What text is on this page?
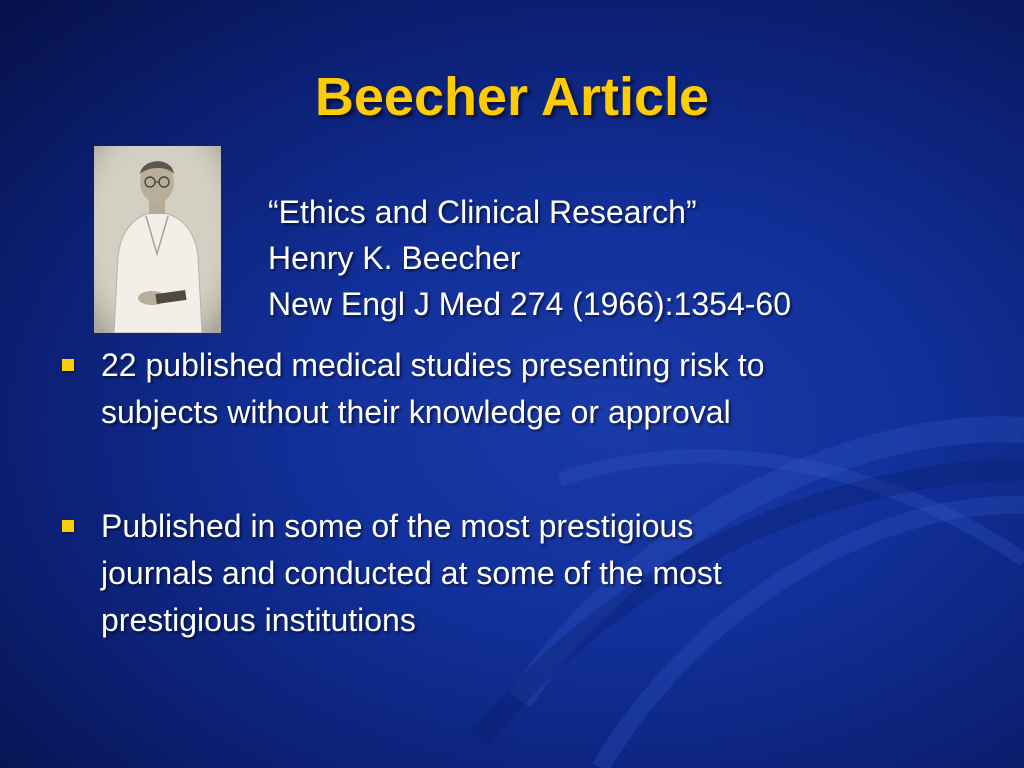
Beecher Article
“Ethics and Clinical Research”
Henry K. Beecher
New Engl J Med 274 (1966):1354-60
22 published medical studies presenting risk to
subjects without their knowledge or approval
Published in some of the most prestigious
journals and conducted at some of the most
prestigious institutions
